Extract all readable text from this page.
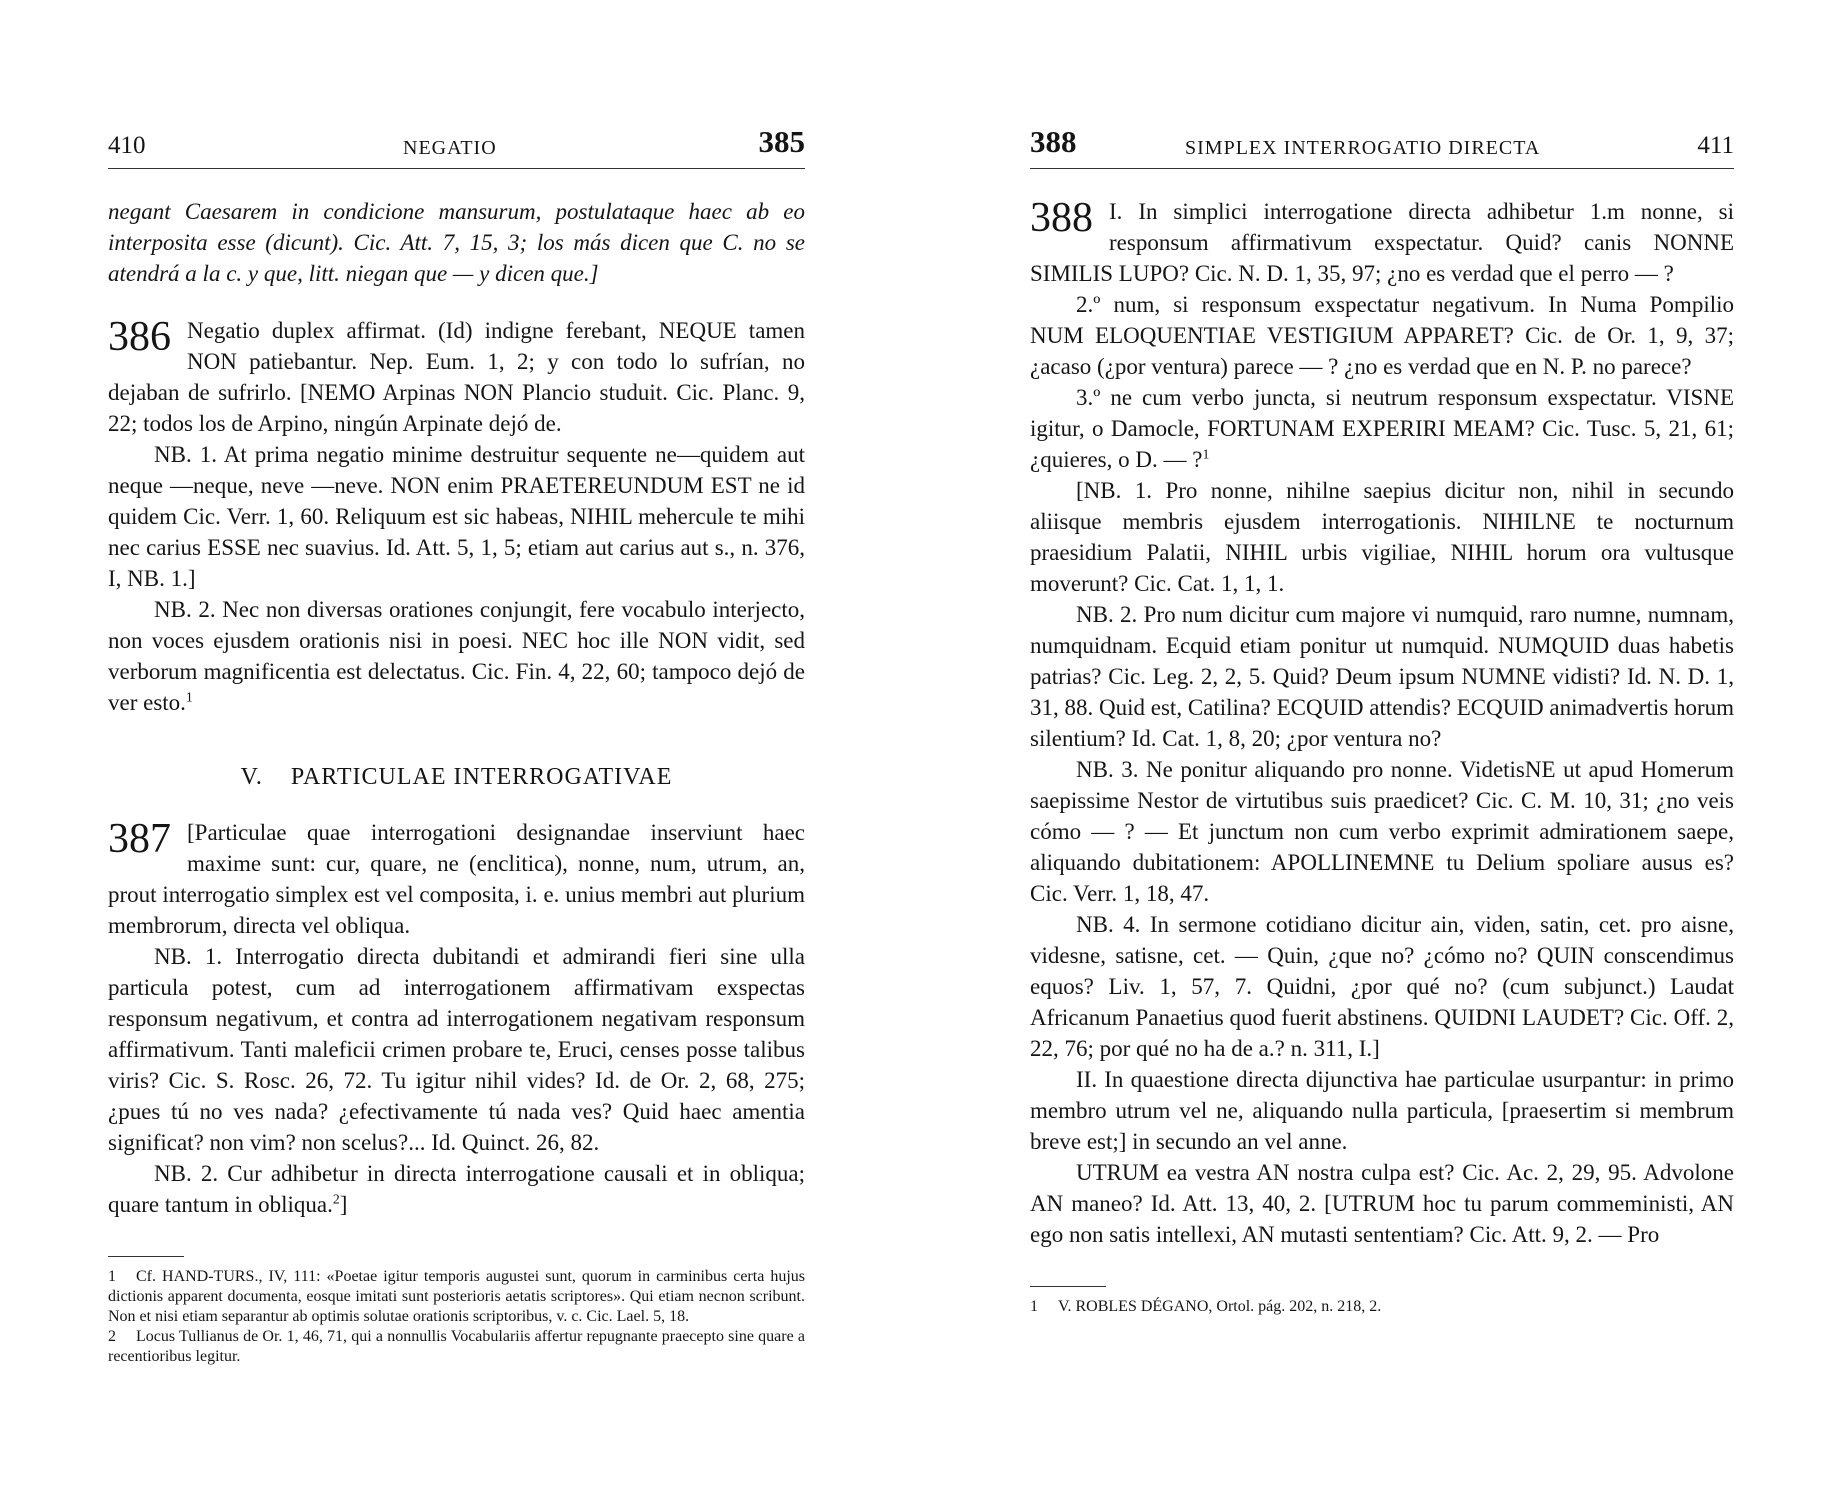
410	NEGATIO	385

negant Caesarem in condicione mansurum, postulataque haec ab eo interposita esse (dicunt). Cic. Att. 7, 15, 3; los más dicen que C. no se atendrá a la c. y que, litt. niegan que — y dicen que.]

386 Negatio duplex affirmat. (Id) indigne ferebant, NEQUE tamen NON patiebantur. Nep. Eum. 1, 2; y con todo lo sufrían, no dejaban de sufrirlo. [NEMO Arpinas NON Plancio studuit. Cic. Planc. 9, 22; todos los de Arpino, ningún Arpinate dejó de.

NB. 1. At prima negatio minime destruitur sequente ne—quidem aut neque —neque, neve —neve. NON enim PRAETEREUNDUM EST ne id quidem Cic. Verr. 1, 60. Reliquum est sic habeas, NIHIL mehercule te mihi nec carius ESSE nec suavius. Id. Att. 5, 1, 5; etiam aut carius aut s., n. 376, I, NB. 1.]

NB. 2. Nec non diversas orationes conjungit, fere vocabulo interjecto, non voces ejusdem orationis nisi in poesi. NEC hoc ille NON vidit, sed verborum magnificentia est delectatus. Cic. Fin. 4, 22, 60; tampoco dejó de ver esto.$^1$

V. PARTICULAE INTERROGATIVAE

387 [Particulae quae interrogationi designandae inserviunt haec maxime sunt: cur, quare, ne (enclitica), nonne, num, utrum, an, prout interrogatio simplex est vel composita, i. e. unius membri aut plurium membrorum, directa vel obliqua.

NB. 1. Interrogatio directa dubitandi et admirandi fieri sine ulla particula potest, cum ad interrogationem affirmativam exspectas responsum negativum, et contra ad interrogationem negativam responsum affirmativum. Tanti maleficii crimen probare te, Eruci, censes posse talibus viris? Cic. S. Rosc. 26, 72. Tu igitur nihil vides? Id. de Or. 2, 68, 275; ¿pues tú no ves nada? ¿efectivamente tú nada ves? Quid haec amentia significat? non vim? non scelus?... Id. Quinct. 26, 82.

NB. 2. Cur adhibetur in directa interrogatione causali et in obliqua; quare tantum in obliqua.$^2$]

1 Cf. HAND-TURS., IV, 111: «Poetae igitur temporis augustei sunt, quorum in carminibus certa hujus dictionis apparent documenta, eosque imitati sunt posterioris aetatis scriptores». Qui etiam necnon scribunt. Non et nisi etiam separantur ab optimis solutae orationis scriptoribus, v. c. Cic. Lael. 5, 18.

2 Locus Tullianus de Or. 1, 46, 71, qui a nonnullis Vocabulariis affertur repugnante praecepto sine quare a recentioribus legitur.

388	SIMPLEX INTERROGATIO DIRECTA	411

388 I. In simplici interrogatione directa adhibetur 1.m nonne, si responsum affirmativum exspectatur. Quid? canis NONNE SIMILIS LUPO? Cic. N. D. 1, 35, 97; ¿no es verdad que el perro — ?

2.º num, si responsum exspectatur negativum. In Numa Pompilio NUM ELOQUENTIAE VESTIGIUM APPARET? Cic. de Or. 1, 9, 37; ¿acaso (¿por ventura) parece — ? ¿no es verdad que en N. P. no parece?

3.º ne cum verbo juncta, si neutrum responsum exspectatur. VISNE igitur, o Damocle, FORTUNAM EXPERIRI MEAM? Cic. Tusc. 5, 21, 61; ¿quieres, o D. — ?$^1$

[NB. 1. Pro nonne, nihilne saepius dicitur non, nihil in secundo aliisque membris ejusdem interrogationis. NIHILNE te nocturnum praesidium Palatii, NIHIL urbis vigiliae, NIHIL horum ora vultusque moverunt? Cic. Cat. 1, 1, 1.

NB. 2. Pro num dicitur cum majore vi numquid, raro numne, numnam, numquidnam. Ecquid etiam ponitur ut numquid. NUMQUID duas habetis patrias? Cic. Leg. 2, 2, 5. Quid? Deum ipsum NUMNE vidisti? Id. N. D. 1, 31, 88. Quid est, Catilina? ECQUID attendis? ECQUID animadvertis horum silentium? Id. Cat. 1, 8, 20; ¿por ventura no?

NB. 3. Ne ponitur aliquando pro nonne. VidetisNE ut apud Homerum saepissime Nestor de virtutibus suis praedicet? Cic. C. M. 10, 31; ¿no veis cómo — ? — Et junctum non cum verbo exprimit admirationem saepe, aliquando dubitationem: APOLLINEMNE tu Delium spoliare ausus es? Cic. Verr. 1, 18, 47.

NB. 4. In sermone cotidiano dicitur ain, viden, satin, cet. pro aisne, videsne, satisne, cet. — Quin, ¿que no? ¿cómo no? QUIN conscendimus equos? Liv. 1, 57, 7. Quidni, ¿por qué no? (cum subjunct.) Laudat Africanum Panaetius quod fuerit abstinens. QUIDNI LAUDET? Cic. Off. 2, 22, 76; por qué no ha de a.? n. 311, I.]

II. In quaestione directa dijunctiva hae particulae usurpantur: in primo membro utrum vel ne, aliquando nulla particula, [praesertim si membrum breve est;] in secundo an vel anne.

UTRUM ea vestra AN nostra culpa est? Cic. Ac. 2, 29, 95. Advolone AN maneo? Id. Att. 13, 40, 2. [UTRUM hoc tu parum commeministi, AN ego non satis intellexi, AN mutasti sententiam? Cic. Att. 9, 2. — Pro

1 V. ROBLES DÉGANO, Ortol. pág. 202, n. 218, 2.
